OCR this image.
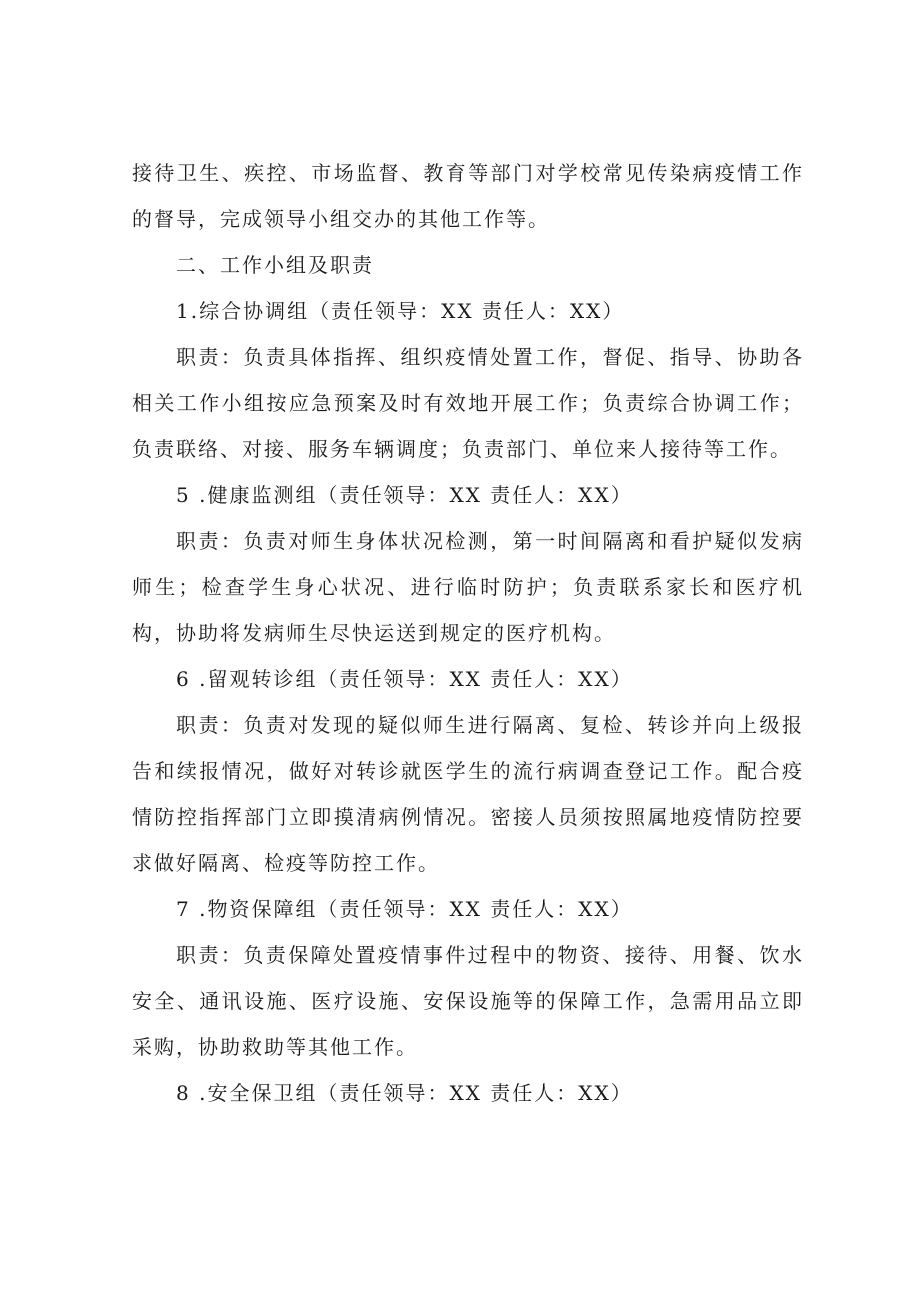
接待卫生、疾控、市场监督、教育等部门对学校常见传染病疫情工作的督导，完成领导小组交办的其他工作等。

二、工作小组及职责

1.综合协调组（责任领导：XX 责任人：XX）

职责：负责具体指挥、组织疫情处置工作，督促、指导、协助各相关工作小组按应急预案及时有效地开展工作；负责综合协调工作；负责联络、对接、服务车辆调度；负责部门、单位来人接待等工作。

5 .健康监测组（责任领导：XX 责任人：XX）

职责：负责对师生身体状况检测，第一时间隔离和看护疑似发病师生；检查学生身心状况、进行临时防护；负责联系家长和医疗机构，协助将发病师生尽快运送到规定的医疗机构。

6 .留观转诊组（责任领导：XX 责任人：XX）

职责：负责对发现的疑似师生进行隔离、复检、转诊并向上级报告和续报情况，做好对转诊就医学生的流行病调查登记工作。配合疫情防控指挥部门立即摸清病例情况。密接人员须按照属地疫情防控要求做好隔离、检疫等防控工作。

7 .物资保障组（责任领导：XX 责任人：XX）

职责：负责保障处置疫情事件过程中的物资、接待、用餐、饮水安全、通讯设施、医疗设施、安保设施等的保障工作，急需用品立即采购，协助救助等其他工作。

8 .安全保卫组（责任领导：XX 责任人：XX）
